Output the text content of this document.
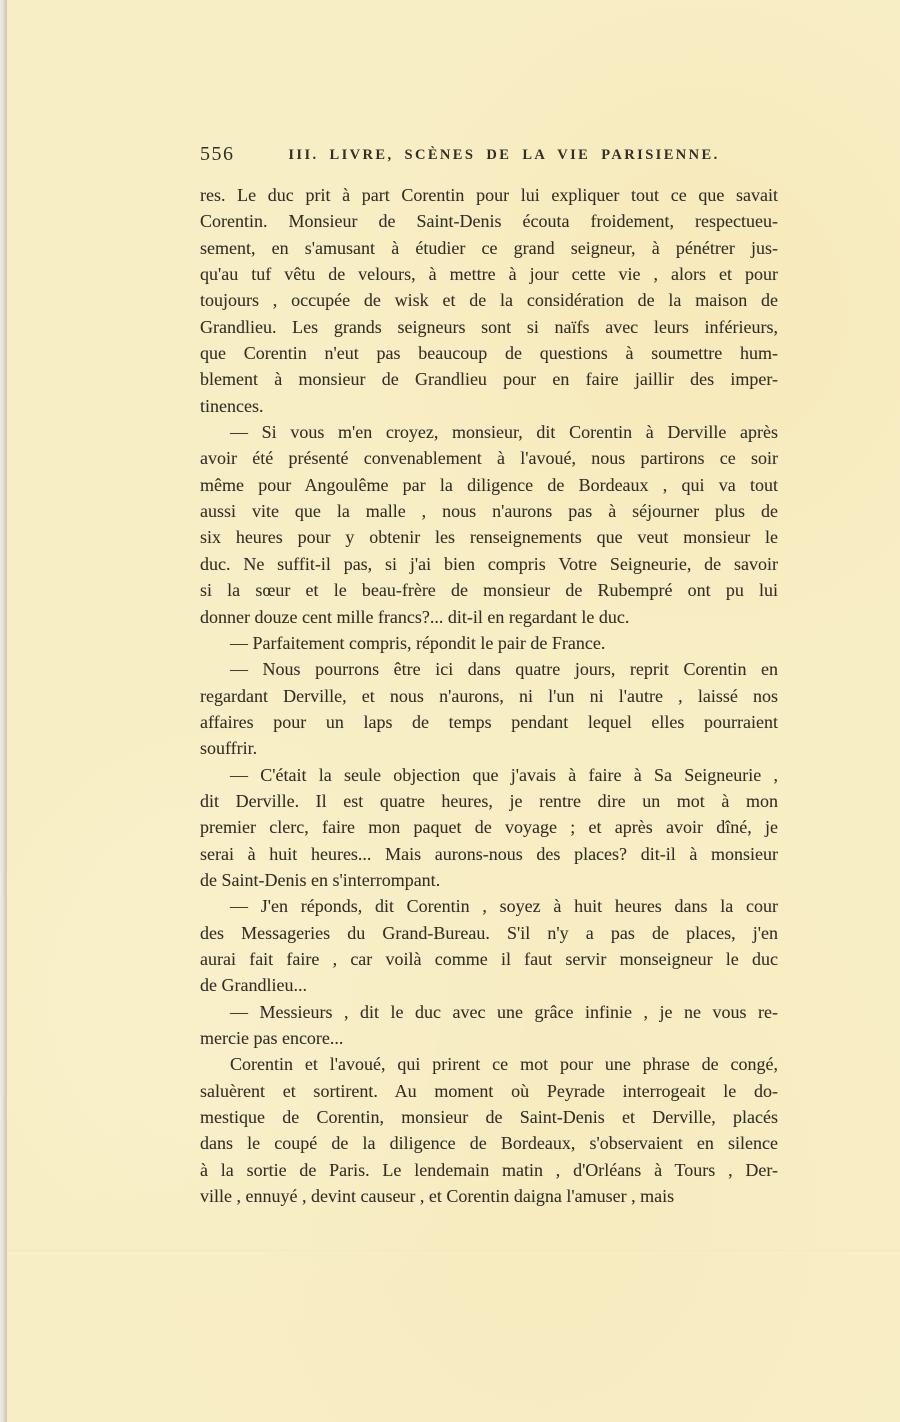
556	III. LIVRE, SCÈNES DE LA VIE PARISIENNE.
res. Le duc prit à part Corentin pour lui expliquer tout ce que savait
Corentin. Monsieur de Saint-Denis écouta froidement, respectueu-
sement, en s'amusant à étudier ce grand seigneur, à pénétrer jus-
qu'au tuf vêtu de velours, à mettre à jour cette vie , alors et pour
toujours , occupée de wisk et de la considération de la maison de
Grandlieu. Les grands seigneurs sont si naïfs avec leurs inférieurs,
que Corentin n'eut pas beaucoup de questions à soumettre hum-
blement à monsieur de Grandlieu pour en faire jaillir des imper-
tinences.
— Si vous m'en croyez, monsieur, dit Corentin à Derville après
avoir été présenté convenablement à l'avoué, nous partirons ce soir
même pour Angoulême par la diligence de Bordeaux , qui va tout
aussi vite que la malle , nous n'aurons pas à séjourner plus de
six heures pour y obtenir les renseignements que veut monsieur le
duc. Ne suffit-il pas, si j'ai bien compris Votre Seigneurie, de savoir
si la sœur et le beau-frère de monsieur de Rubempré ont pu lui
donner douze cent mille francs?... dit-il en regardant le duc.
— Parfaitement compris, répondit le pair de France.
— Nous pourrons être ici dans quatre jours, reprit Corentin en
regardant Derville, et nous n'aurons, ni l'un ni l'autre , laissé nos
affaires pour un laps de temps pendant lequel elles pourraient
souffrir.
— C'était la seule objection que j'avais à faire à Sa Seigneurie ,
dit Derville. Il est quatre heures, je rentre dire un mot à mon
premier clerc, faire mon paquet de voyage ; et après avoir dîné, je
serai à huit heures... Mais aurons-nous des places? dit-il à monsieur
de Saint-Denis en s'interrompant.
— J'en réponds, dit Corentin , soyez à huit heures dans la cour
des Messageries du Grand-Bureau. S'il n'y a pas de places, j'en
aurai fait faire , car voilà comme il faut servir monseigneur le duc
de Grandlieu...
— Messieurs , dit le duc avec une grâce infinie , je ne vous re-
mercie pas encore...
Corentin et l'avoué, qui prirent ce mot pour une phrase de congé,
saluèrent et sortirent. Au moment où Peyrade interrogeait le do-
mestique de Corentin, monsieur de Saint-Denis et Derville, placés
dans le coupé de la diligence de Bordeaux, s'observaient en silence
à la sortie de Paris. Le lendemain matin , d'Orléans à Tours , Der-
ville , ennuyé , devint causeur , et Corentin daigna l'amuser , mais
